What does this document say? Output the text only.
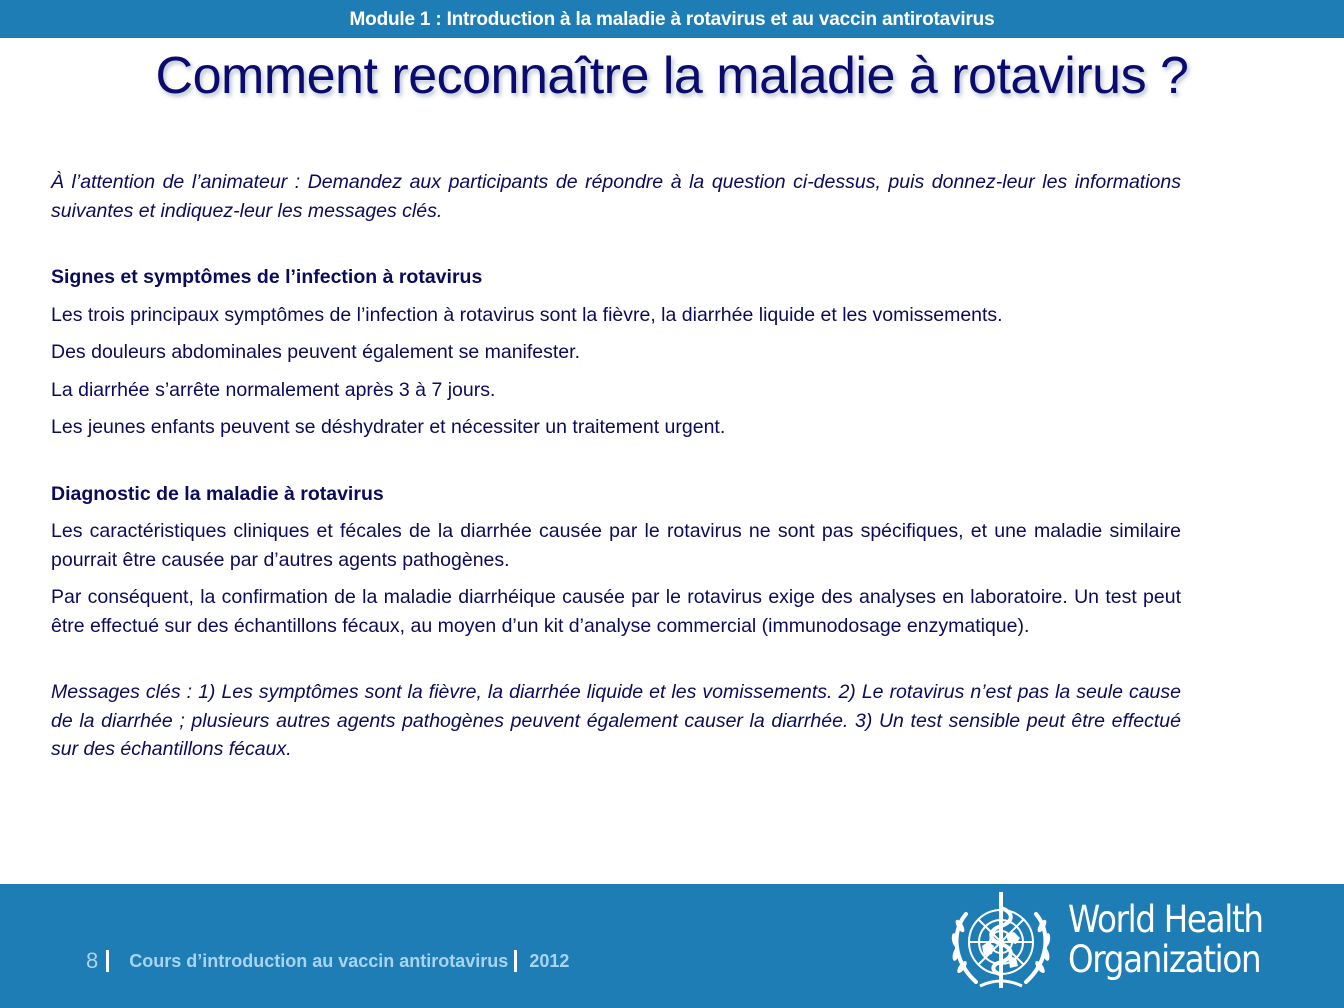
Module 1 : Introduction à la maladie à rotavirus et au vaccin antirotavirus
Comment reconnaître la maladie à rotavirus ?

À l’attention de l’animateur : Demandez aux participants de répondre à la question ci-dessus, puis donnez-leur les informations suivantes et indiquez-leur les messages clés.

Signes et symptômes de l’infection à rotavirus

Les trois principaux symptômes de l’infection à rotavirus sont la fièvre, la diarrhée liquide et les vomissements.

Des douleurs abdominales peuvent également se manifester.

La diarrhée s’arrête normalement après 3 à 7 jours.

Les jeunes enfants peuvent se déshydrater et nécessiter un traitement urgent.

Diagnostic de la maladie à rotavirus

Les caractéristiques cliniques et fécales de la diarrhée causée par le rotavirus ne sont pas spécifiques, et une maladie similaire pourrait être causée par d’autres agents pathogènes.

Par conséquent, la confirmation de la maladie diarrhéique causée par le rotavirus exige des analyses en laboratoire. Un test peut être effectué sur des échantillons fécaux, au moyen d’un kit d’analyse commercial (immunodosage enzymatique).

Messages clés : 1) Les symptômes sont la fièvre, la diarrhée liquide et les vomissements. 2) Le rotavirus n’est pas la seule cause de la diarrhée ; plusieurs autres agents pathogènes peuvent également causer la diarrhée. 3) Un test sensible peut être effectué sur des échantillons fécaux.

8 Cours d’introduction au vaccin antirotavirus 2012
World Health
Organization
